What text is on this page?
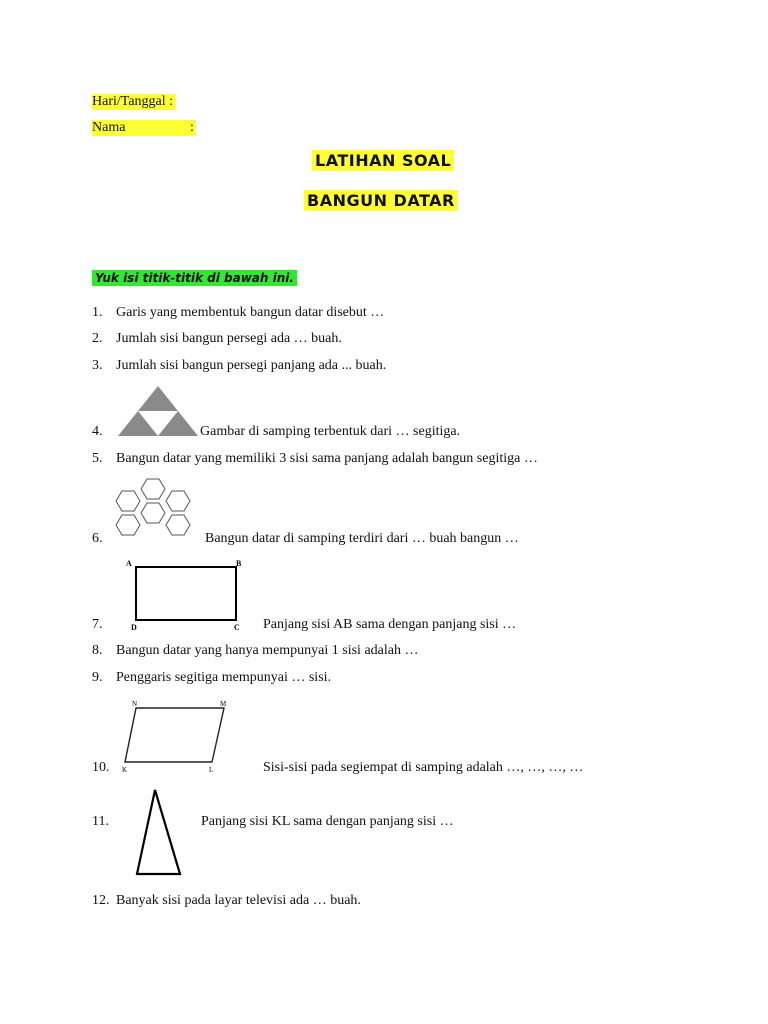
Hari/Tanggal :
Nama	:
LATIHAN SOAL
BANGUN DATAR
Yuk isi titik-titik di bawah ini.
1. Garis yang membentuk bangun datar disebut …
2. Jumlah sisi bangun persegi ada … buah.
3. Jumlah sisi bangun persegi panjang ada ... buah.
4.	Gambar di samping terbentuk dari … segitiga.
5. Bangun datar yang memiliki 3 sisi sama panjang adalah bangun segitiga …
6.	Bangun datar di samping terdiri dari … buah bangun …
A	B
D	C
7.	Panjang sisi AB sama dengan panjang sisi …
8. Bangun datar yang hanya mempunyai 1 sisi adalah …
9. Penggaris segitiga mempunyai … sisi.
N	M
K	L
10.	Sisi-sisi pada segiempat di samping adalah …, …, …, …
11.	Panjang sisi KL sama dengan panjang sisi …
12. Banyak sisi pada layar televisi ada … buah.
